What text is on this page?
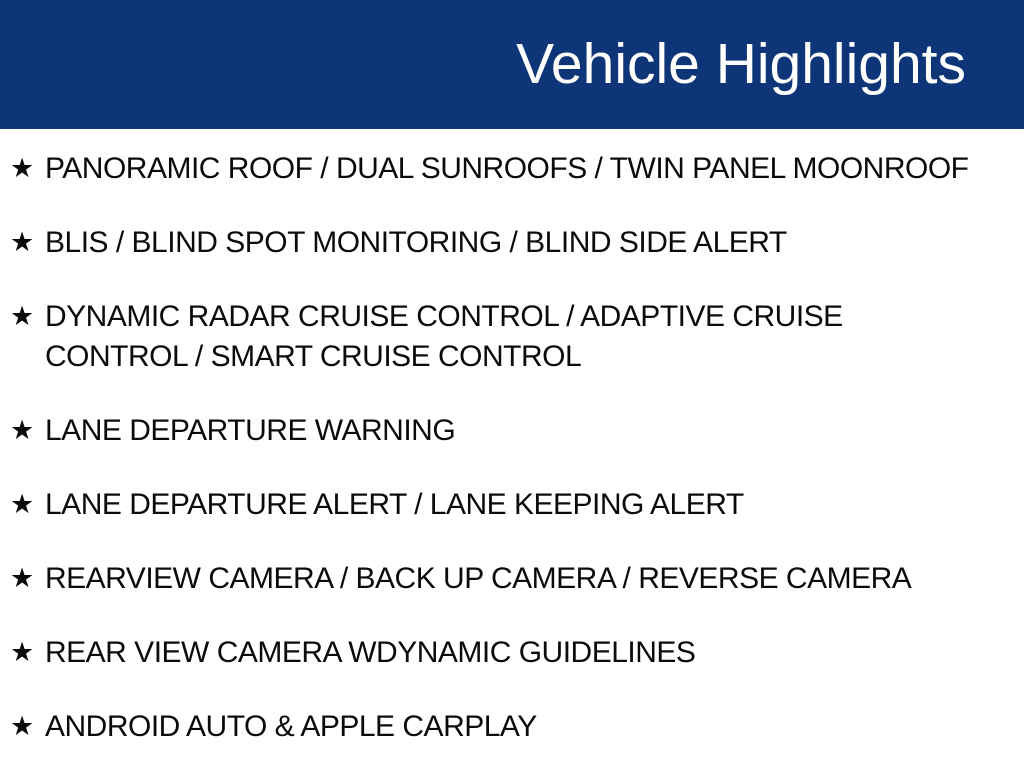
Vehicle Highlights
★ PANORAMIC ROOF / DUAL SUNROOFS / TWIN PANEL MOONROOF
★ BLIS / BLIND SPOT MONITORING / BLIND SIDE ALERT
★ DYNAMIC RADAR CRUISE CONTROL / ADAPTIVE CRUISE CONTROL / SMART CRUISE CONTROL
★ LANE DEPARTURE WARNING
★ LANE DEPARTURE ALERT / LANE KEEPING ALERT
★ REARVIEW CAMERA / BACK UP CAMERA / REVERSE CAMERA
★ REAR VIEW CAMERA WDYNAMIC GUIDELINES
★ ANDROID AUTO & APPLE CARPLAY
